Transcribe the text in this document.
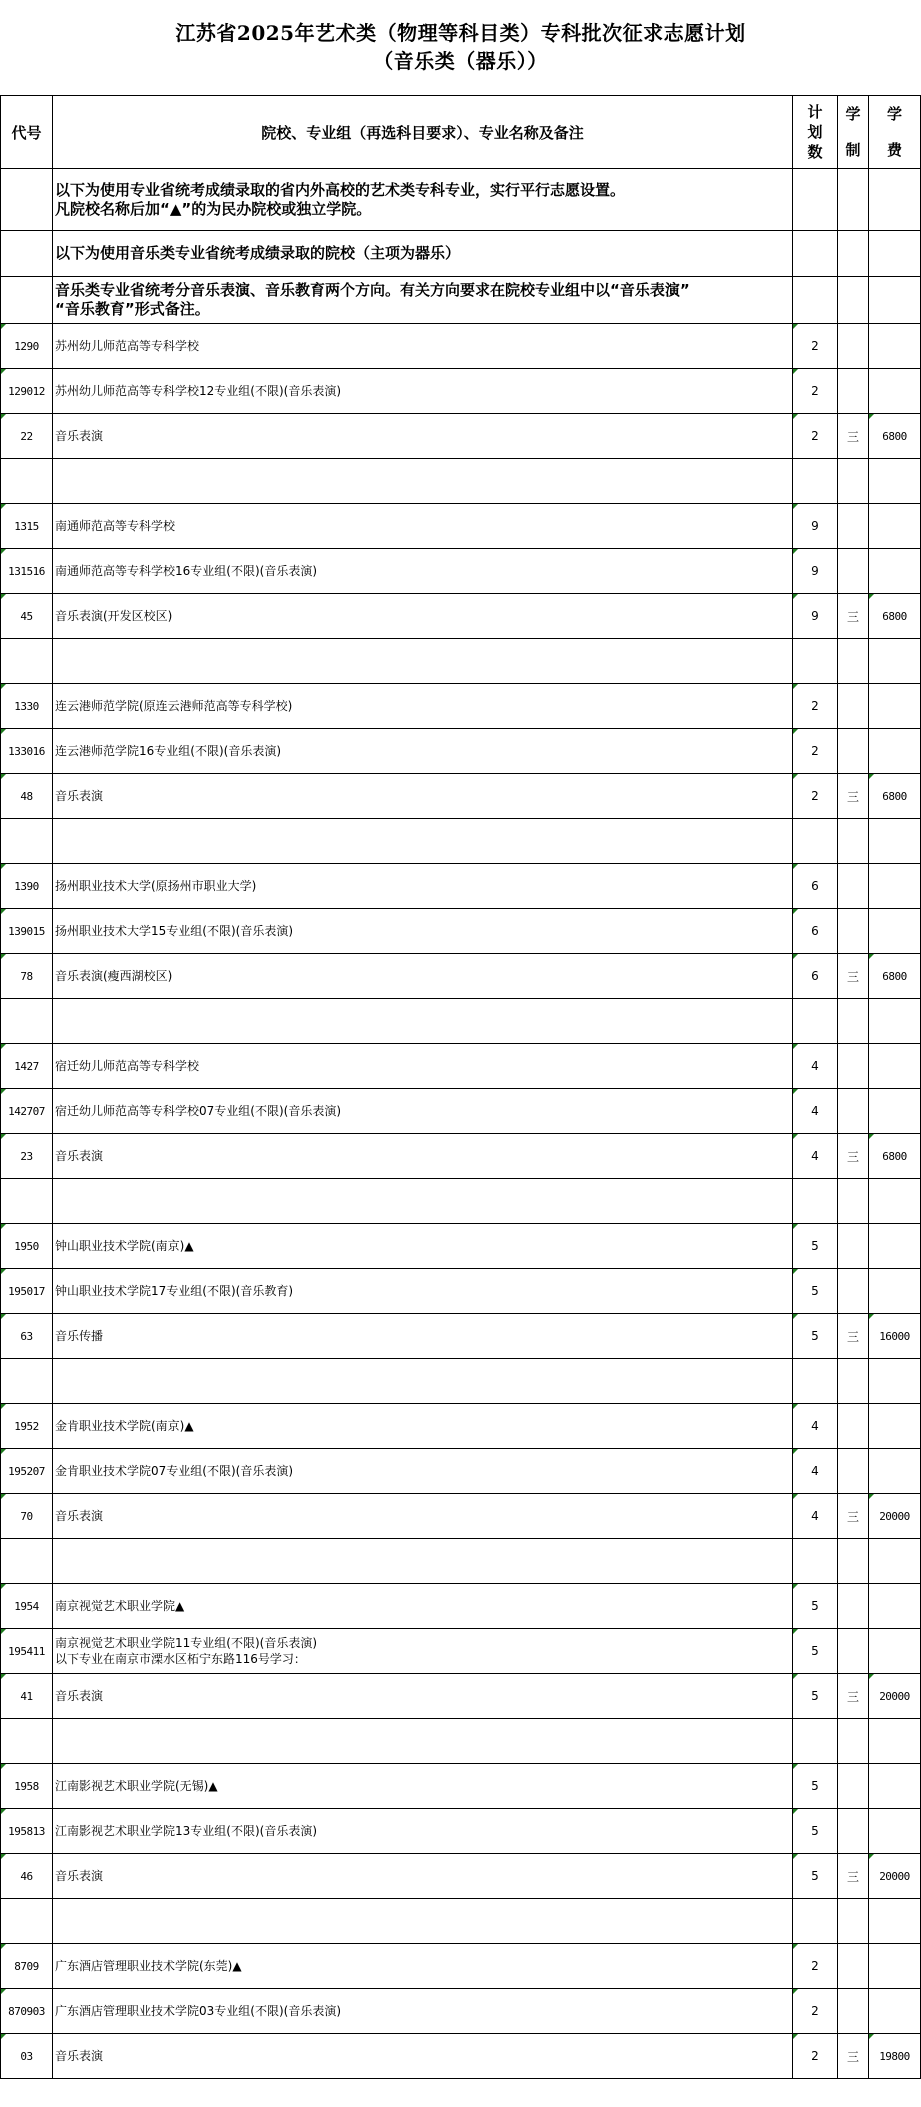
江苏省2025年艺术类（物理等科目类）专科批次征求志愿计划
（音乐类（器乐））
代号	院校、专业组（再选科目要求）、专业名称及备注	计划数	学制	学费

	以下为使用专业省统考成绩录取的省内外高校的艺术类专科专业，实行平行志愿设置。
凡院校名称后加“▲”的为民办院校或独立学院。			

	以下为使用音乐类专业省统考成绩录取的院校（主项为器乐）			

	音乐类专业省统考分音乐表演、音乐教育两个方向。有关方向要求在院校专业组中以“音乐表演”
“音乐教育”形式备注。			

1290	苏州幼儿师范高等专科学校	2		
129012	苏州幼儿师范高等专科学校12专业组(不限)(音乐表演)	2		
22	音乐表演	2	三	6800

1315	南通师范高等专科学校	9		
131516	南通师范高等专科学校16专业组(不限)(音乐表演)	9		
45	音乐表演(开发区校区)	9	三	6800

1330	连云港师范学院(原连云港师范高等专科学校)	2		
133016	连云港师范学院16专业组(不限)(音乐表演)	2		
48	音乐表演	2	三	6800

1390	扬州职业技术大学(原扬州市职业大学)	6		
139015	扬州职业技术大学15专业组(不限)(音乐表演)	6		
78	音乐表演(瘦西湖校区)	6	三	6800

1427	宿迁幼儿师范高等专科学校	4		
142707	宿迁幼儿师范高等专科学校07专业组(不限)(音乐表演)	4		
23	音乐表演	4	三	6800

1950	钟山职业技术学院(南京)▲	5		
195017	钟山职业技术学院17专业组(不限)(音乐教育)	5		
63	音乐传播	5	三	16000

1952	金肯职业技术学院(南京)▲	4		
195207	金肯职业技术学院07专业组(不限)(音乐表演)	4		
70	音乐表演	4	三	20000

1954	南京视觉艺术职业学院▲	5		
195411	南京视觉艺术职业学院11专业组(不限)(音乐表演)
以下专业在南京市溧水区柘宁东路116号学习：	5		
41	音乐表演	5	三	20000

1958	江南影视艺术职业学院(无锡)▲	5		
195813	江南影视艺术职业学院13专业组(不限)(音乐表演)	5		
46	音乐表演	5	三	20000

8709	广东酒店管理职业技术学院(东莞)▲	2		
870903	广东酒店管理职业技术学院03专业组(不限)(音乐表演)	2		
03	音乐表演	2	三	19800
